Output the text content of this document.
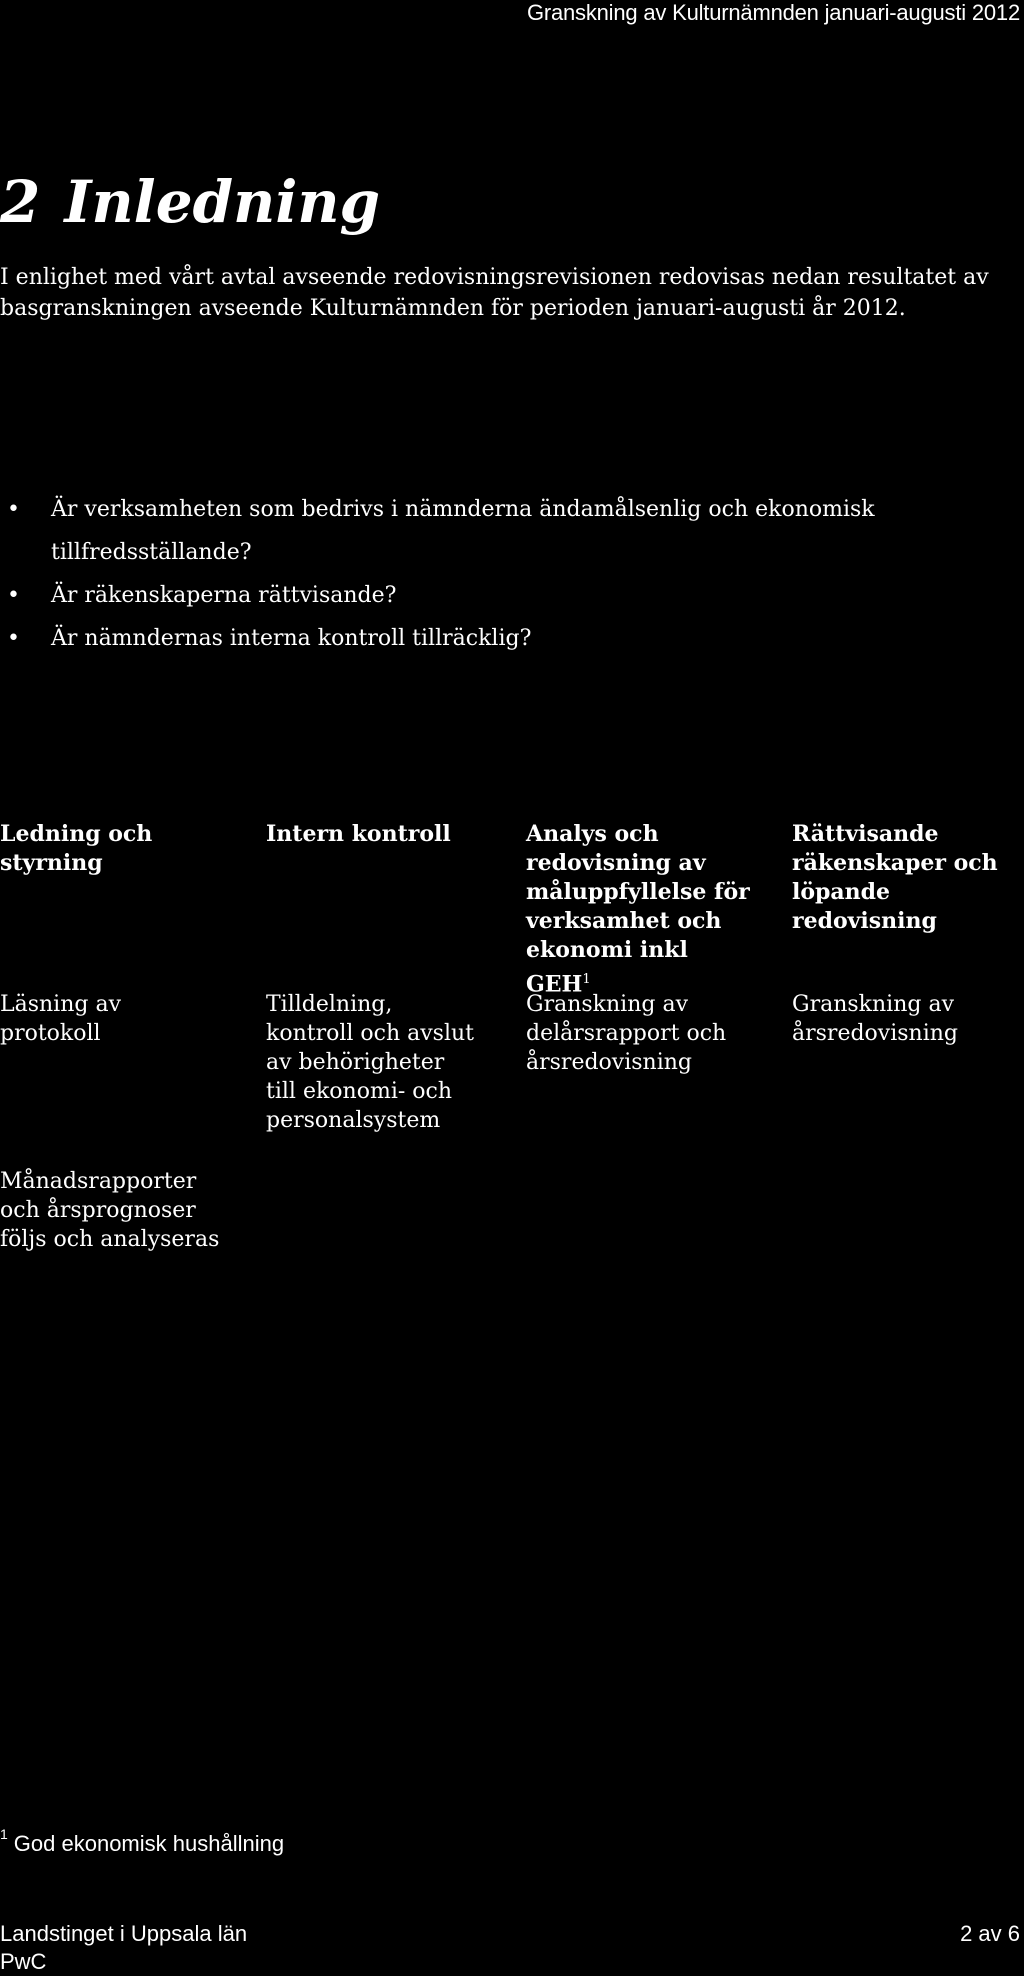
Granskning av Kulturnämnden januari-augusti 2012
2 Inledning

I enlighet med vårt avtal avseende redovisningsrevisionen redovisas nedan resultatet av basgranskningen avseende Kulturnämnden för perioden januari-augusti år 2012.

• Är verksamheten som bedrivs i nämnderna ändamålsenlig och ekonomisk tillfredsställande?
• Är räkenskaperna rättvisande?
• Är nämndernas interna kontroll tillräcklig?

Ledning och styrning

Läsning av protokoll

Månadsrapporter och årsprognoser följs och analyseras

Intern kontroll

Tilldelning, kontroll och avslut av behörigheter till ekonomi- och personalsystem

Analys och redovisning av måluppfyllelse för verksamhet och ekonomi inkl GEH$^1$

Granskning av delårsrapport och årsredovisning

Rättvisande räkenskaper och löpande redovisning

Granskning av årsredovisning

$^1$ God ekonomisk hushållning
Landstinget i Uppsala län
PwC
2 av 6
